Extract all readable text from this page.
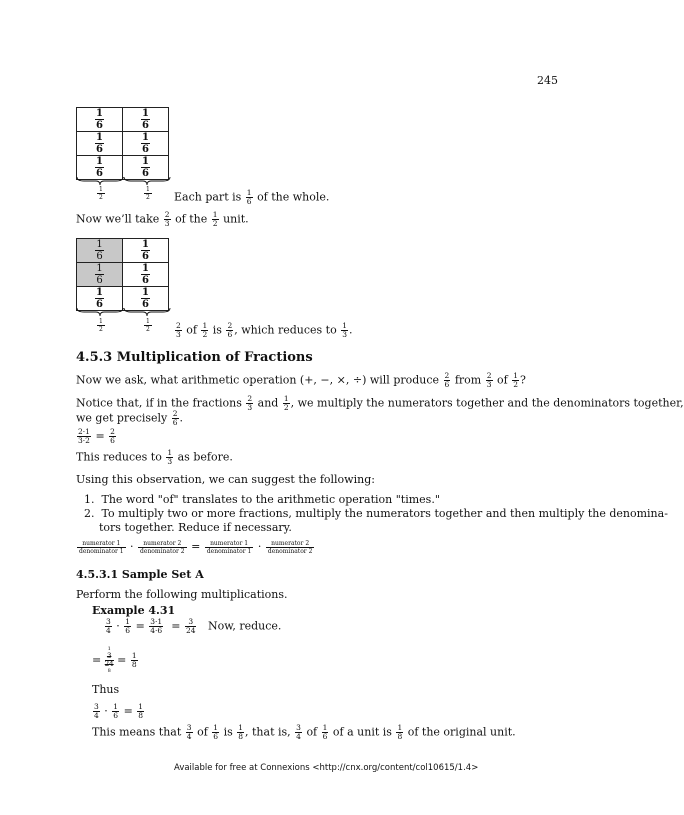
245
$\frac{1}{6}$	$\frac{1}{6}$

$\frac{1}{6}$	$\frac{1}{6}$

$\frac{1}{6}$	$\frac{1}{6}$
$\frac{1}{2}$	$\frac{1}{2}$ Each part is $\frac{1}{6}$ of the whole.
Now we’ll take $\frac{2}{3}$ of the $\frac{1}{2}$ unit.
$\frac{1}{6}$	$\frac{1}{6}$

$\frac{1}{6}$	$\frac{1}{6}$

$\frac{1}{6}$	$\frac{1}{6}$
$\frac{1}{2}$	$\frac{1}{2}$	$\frac{2}{3}$ of $\frac{1}{2}$ is $\frac{2}{6}$ , which reduces to $\frac{1}{3}$ .
4.5.3 Multiplication of Fractions
Now we ask, what arithmetic operation (+, −, ×, ÷) will produce $\frac{2}{6}$ from $\frac{2}{3}$ of $\frac{1}{2}$ ?
Notice that, if in the fractions $\frac{2}{3}$ and $\frac{1}{2}$ , we multiply the numerators together and the denominators together,
we get precisely $\frac{2}{6}$ .
$\frac{2\cdot 1}{3\cdot 2} = \frac{2}{6}$
This reduces to $\frac{1}{3}$ as before.
Using this observation, we can suggest the following:
1. The word "of" translates to the arithmetic operation "times."
2. To multiply two or more fractions, multiply the numerators together and then multiply the denomina-
tors together. Reduce if necessary.
numerator 1
denominator 1 ·	numerator 2
denominator 2 =	numerator 1
denominator 1 ·	numerator 2
denominator 2
4.5.3.1 Sample Set A
Perform the following multiplications.
Example 4.31
$\frac{3}{4} \cdot \frac{1}{6} = \frac{3\cdot 1}{4\cdot 6} = \frac{3}{24}$ Now, reduce.
=
1
3
24
8
= $\frac{1}{8}$
Thus
$\frac{3}{4} \cdot \frac{1}{6} = \frac{1}{8}$
This means that $\frac{3}{4}$ of $\frac{1}{6}$ is $\frac{1}{8}$ , that is, $\frac{3}{4}$ of $\frac{1}{6}$ of a unit is $\frac{1}{8}$ of the original unit.
Available for free at Connexions <http://cnx.org/content/col10615/1.4>
